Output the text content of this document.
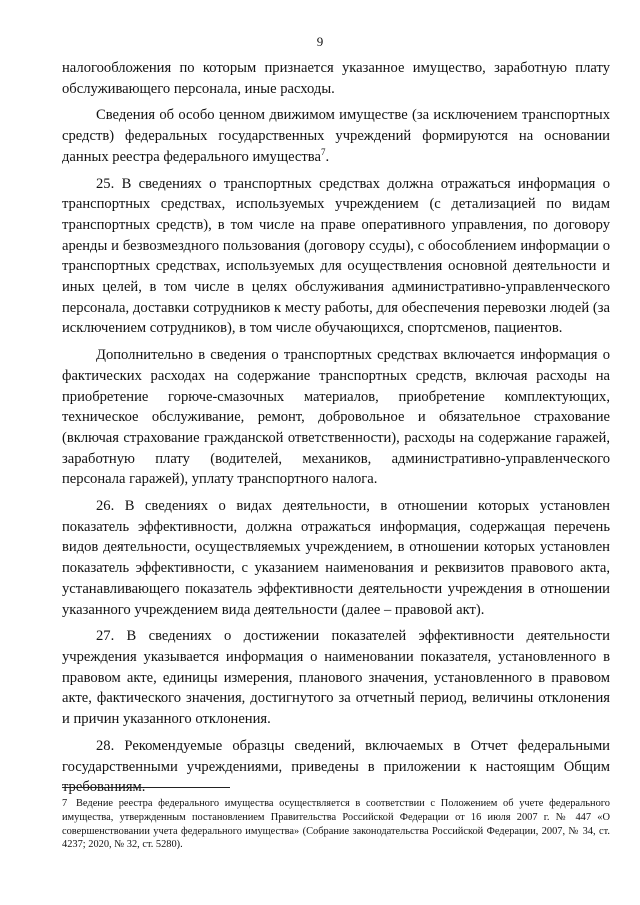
9

налогообложения по которым признается указанное имущество, заработную плату обслуживающего персонала, иные расходы.

Сведения об особо ценном движимом имуществе (за исключением транспортных средств) федеральных государственных учреждений формируются на основании данных реестра федерального имущества$^7$.

25. В сведениях о транспортных средствах должна отражаться информация о транспортных средствах, используемых учреждением (с детализацией по видам транспортных средств), в том числе на праве оперативного управления, по договору аренды и безвозмездного пользования (договору ссуды), с обособлением информации о транспортных средствах, используемых для осуществления основной деятельности и иных целей, в том числе в целях обслуживания административно-управленческого персонала, доставки сотрудников к месту работы, для обеспечения перевозки людей (за исключением сотрудников), в том числе обучающихся, спортсменов, пациентов.

Дополнительно в сведения о транспортных средствах включается информация о фактических расходах на содержание транспортных средств, включая расходы на приобретение горюче-смазочных материалов, приобретение комплектующих, техническое обслуживание, ремонт, добровольное и обязательное страхование (включая страхование гражданской ответственности), расходы на содержание гаражей, заработную плату (водителей, механиков, административно-управленческого персонала гаражей), уплату транспортного налога.

26. В сведениях о видах деятельности, в отношении которых установлен показатель эффективности, должна отражаться информация, содержащая перечень видов деятельности, осуществляемых учреждением, в отношении которых установлен показатель эффективности, с указанием наименования и реквизитов правового акта, устанавливающего показатель эффективности деятельности учреждения в отношении указанного учреждением вида деятельности (далее – правовой акт).

27. В сведениях о достижении показателей эффективности деятельности учреждения указывается информация о наименовании показателя, установленного в правовом акте, единицы измерения, планового значения, установленного в правовом акте, фактического значения, достигнутого за отчетный период, величины отклонения и причин указанного отклонения.

28. Рекомендуемые образцы сведений, включаемых в Отчет федеральными государственными учреждениями, приведены в приложении к настоящим Общим требованиям.

7 Ведение реестра федерального имущества осуществляется в соответствии с Положением об учете федерального имущества, утвержденным постановлением Правительства Российской Федерации от 16 июля 2007 г. № 447 «О совершенствовании учета федерального имущества» (Собрание законодательства Российской Федерации, 2007, № 34, ст. 4237; 2020, № 32, ст. 5280).
